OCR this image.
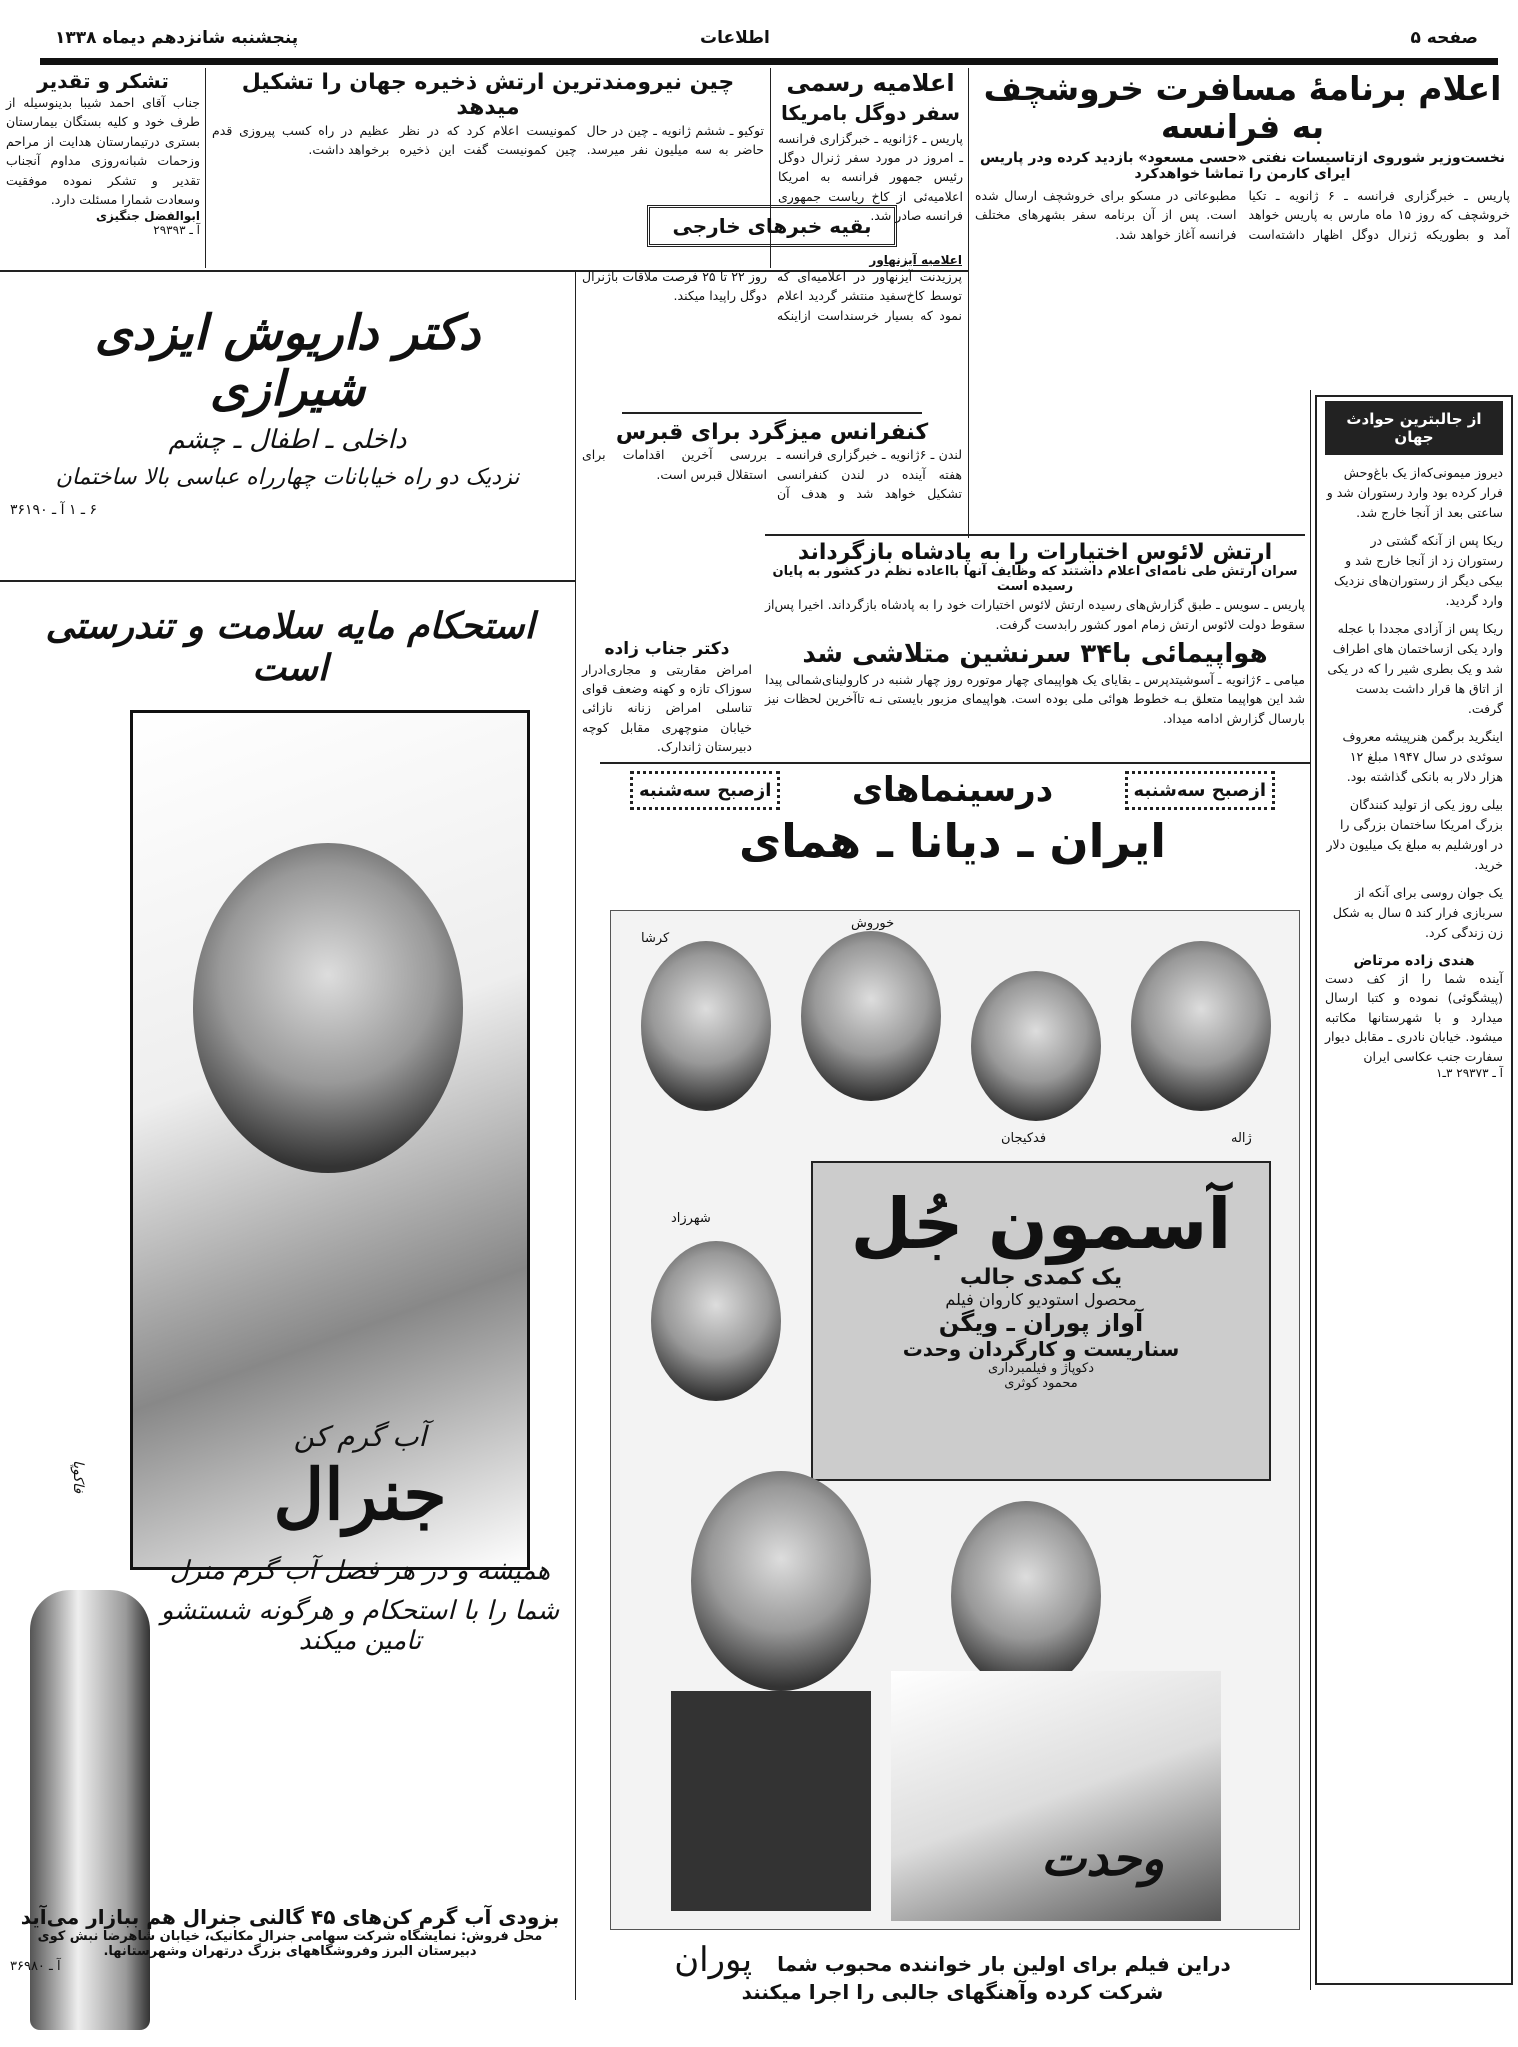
صفحه ۵
اطلاعات
پنجشنبه شانزدهم دیماه ۱۳۳۸
اعلام برنامهٔ مسافرت خروشچف به فرانسه
نخست‌وزیر شوروی ازتاسیسات نفتی «حسی مسعود» بازدید کرده ودر پاریس ایرای کارمن را تماشا خواهدکرد
پاریس ـ خبرگزاری فرانسه ـ ۶ ژانویه ـ تکیا خروشچف که روز ۱۵ ماه مارس به پاریس خواهد آمد و بطوریکه ژنرال دوگل اظهار داشته‌است مطبوعاتی در مسکو برای خروشچف ارسال شده است. پس از آن برنامه سفر بشهرهای مختلف فرانسه آغاز خواهد شد.
اعلامیه رسمی
سفر دوگل بامریکا
پاریس ـ ۶ژانویه ـ خبرگزاری فرانسه ـ امروز در مورد سفر ژنرال دوگل رئیس جمهور فرانسه به امریکا اعلامیه‌ئی از کاخ ریاست جمهوری فرانسه صادر شد.
چین نیرومندترین ارتش ذخیره جهان را تشکیل میدهد
توکیو ـ ششم ژانویه ـ چین در حال حاضر به سه میلیون نفر میرسد. کمونیست اعلام کرد که در نظر چین کمونیست گفت این ذخیره عظیم در راه کسب پیروزی قدم برخواهد داشت.
تشکر و تقدیر
جناب آقای احمد شیبا بدینوسیله از طرف خود و کلیه بستگان بیمارستان بستری درتیمارستان هدایت از مراحم وزحمات شبانه‌روزی مداوم آنجناب تقدیر و تشکر نموده موفقیت وسعادت شمارا مسئلت دارد.
ابوالفضل جنگیزی
آ ـ ۲۹۳۹۳
دکتر داریوش ایزدی شیرازی
داخلی ـ اطفال ـ چشم
نزدیک دو راه خیابانات چهارراه عباسی بالا ساختمان
۶ ـ ۱ آ ـ ۳۶۱۹۰
بقیه خبرهای خارجی
اعلامیه آیزنهاور
پرزیدنت آیزنهاور در اعلامیه‌ای که توسط کاخ‌سفید منتشر گردید اعلام نمود که بسیار خرسنداست ازاینکه روز ۲۲ تا ۲۵ فرصت ملاقات باژنرال دوگل راپیدا میکند.
کنفرانس میزگرد برای قبرس
لندن ـ ۶ژانویه ـ خبرگزاری فرانسه ـ هفته آینده در لندن کنفرانسی تشکیل خواهد شد و هدف آن بررسی آخرین اقدامات برای استقلال قبرس است.
دکتر جناب زاده
امراض مقاربتی و مجاری‌ادرار سوزاک تازه و کهنه وضعف قوای تناسلی امراض زنانه نازائی خیابان منوچهری مقابل کوچه دبیرستان ژاندارک.
ارتش لائوس اختیارات را به پادشاه بازگرداند
سران ارتش طی نامه‌ای اعلام داشتند که وظایف آنها بااعاده نظم در کشور به پایان رسیده است
پاریس ـ سویس ـ طبق گزارش‌های رسیده ارتش لائوس اختیارات خود را به پادشاه بازگرداند. اخیرا پس‌از سقوط دولت لائوس ارتش زمام امور کشور رابدست گرفت.
هواپیمائی با۳۴ سرنشین متلاشی شد
میامی ـ ۶ژانویه ـ آسوشیتدپرس ـ بقایای یک هواپیمای چهار موتوره روز چهار شنبه در کارولینای‌شمالی پیدا شد این هواپیما متعلق بـه خطوط هوائی ملی بوده است. هواپیمای مزبور بایستی نـه تاآخرین لحظات نیز بارسال گزارش ادامه میداد.
از جالبترین حوادث جهان
دیروز میمونی‌که‌از یک باغ‌وحش فرار کرده بود وارد رستوران شد و ساعتی بعد از آنجا خارج شد.
ریکا پس از آنکه گشتی در رستوران زد از آنجا خارج شد و بیکی دیگر از رستوران‌های نزدیک وارد گردید.
ریکا پس از آزادی مجددا با عجله وارد یکی ازساختمان های اطراف شد و یک بطری شیر را که در یکی از اتاق ها قرار داشت بدست گرفت.
اینگرید برگمن هنرپیشه معروف سوئدی در سال ۱۹۴۷ مبلغ ۱۲ هزار دلار به بانکی گذاشته بود.
بیلی روز یکی از تولید کنندگان بزرگ امریکا ساختمان بزرگی را در اورشلیم به مبلغ یک میلیون دلار خرید.
یک جوان روسی برای آنکه از سربازی فرار کند ۵ سال به شکل زن زندگی کرد.
هندی زاده مرتاض
آینده شما را از کف دست (پیشگوئی) نموده و کتبا ارسال میدارد و با شهرستانها مکاتبه میشود. خیابان نادری ـ مقابل دیوار سفارت جنب عکاسی ایران
آ ـ ۲۹۳۷۳ ۳ـ۱
استحکام مایه سلامت و تندرستی است
فاکوپا
آب گرم کن
جنرال
همیشه و در هر فصل آب گرم منزل
شما را با استحکام و هرگونه شستشو تامین میکند
بزودی آب گرم کن‌های ۴۵ گالنی جنرال هم ببازار می‌آید
محل فروش: نمایشگاه شرکت سهامی جنرال مکانیک، خیابان شاهرضا نبش کوی دبیرستان البرز وفروشگاههای بزرگ درتهران وشهرستانها.
آ ـ ۳۶۹۸۰
ازصبح سه‌شنبه
درسینماهای
ازصبح سه‌شنبه
ایران ـ دیانا ـ همای
کرشا
خوروش
ژاله
فدکیجان
شهرزاد	آسمون جُل
یک کمدی جالب
محصول استودیو کاروان فیلم
آواز پوران ـ ویگن
سناریست و کارگردان وحدت
دکوپاژ و فیلمبرداری
محمود کوثری
وحدت
دراین فیلم برای اولین بار خواننده محبوب شما پوران
شرکت کرده وآهنگهای جالبی را اجرا میکنند
